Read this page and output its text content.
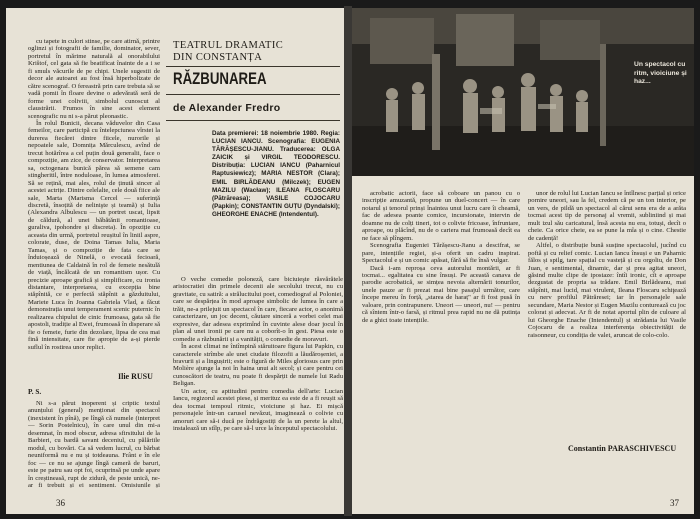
cu tapete in culori stinse, pe care atirnă, printre oglinzi și fotografii de familie, dominator, sever, portretul în mărime naturală al onorabilului Krištof, cel gata să fie beatificat înainte de a i se fi smuls văcurile de pe chipi. Unele sugestii de decor ale autoarei au fost însă hiperbolizate de către scenograf. O fereastră prin care trebuia să se vadă pomii în floare devine o adevărată seră de forme unei coliviii, simbolul cunoscut al claustrării. Frumos în sine acest element scenografic nu ni s-a părut pleonastic.

În rolul Bunicii, decana văduvelor din Casa femeilor, care participă cu întelepciunea vîrstei la durerea fiecărei dintre fiicele, nurorile și nepoatele sale, Domnița Mărculescu, avînd de trecut hotărîrea a cel puțin două generalii, face o compoziție, am zice, de conservator. Interpretarea sa, octogenara bunică părea să semene cam stingheritil, între noduloase, în lumea atmosferei. Să se rețină, mai ales, rolul de ținută sincer al acestei actrițe. Dintre celelalte, cele două fiice ale sale, Marta (Marisma Cercel — suferință discretă, însoțită de nelinişte și teamă) și Iulia (Alexandra Albulescu — un portret uscat, lipsit de căldură, al unei băbătănii romantioase, guraliva, ipohondre și discreta). În opoziție cu aceasta din urmă, portretul reușitul în liniil aspre, colorate, duse, de Doina Tamas Iulia, Maria Tamas, și o compoziție de fata care se înduioșează de Ninelă, o evocată fecioară, mentiunea de Caldaină în rol de femeie nesătulă de viață, încălcată de un romantism ușor. Cu precizie aproape grafică și simplificare, cu ironia distantare, interpretarea, cu excepția bine stăpînită, ce e perfectă stăpînit a găzduitului, Mariete Luca în Joanna Gabriela Vlad, a făcut demonstrația unui temperament scenic puternic în realizarea chipului de cinic frumoasa, gata să fie apostoli, tradiție al Ewei, frumoasă în disperare să fie o femeie, furie din dezolare, lipsa de cea mai fină intensitate, care fie apropie de a-și pierde suflul în rostirea unor replici.

Ilie RUSU
P. S.

Ni s-a părut inoperent și criptic textul anunțului (general) menționat din spectacol (inexistent în pînă), pe lîngă că numele (interpret — Sorin Postelnicu), în care unul din mi-a desemnat, în mod obscur, adresa sfirsitului de la Barbieri, cu bardă savant deceniul, cu pălăriile modul, cu bovări. Ca să vedem lucrul, cu bărbat neuniformă nu e nu și totdeauna. Frânt e în ele foc — ce nu se ajunge lîngă cameră de baruri, este pe patru sau opt foi, ocuprinsă pe unde apare în creștineasă, rupt de zidură, de peste unică, ne-ar fi trebuit și ei sentiment. Omisiunile și

TEATRUL DRAMATIC
DIN CONSTANȚA
RĂZBUNAREA
de Alexander Fredro
Data premierei: 18 noiembrie 1980. Regia: LUCIAN IANCU. Scenografia: EUGENIA TĂRĂȘESCU-JIANU. Traducerea: OLGA ZAICIK și VIRGIL TEODORESCU. Distribuția: LUCIAN IANCU (Paharnicul Raptusiewicz); MARIA NESTOR (Clara); EMIL BIRLĂDEANU (Milczek); EUGEN MAZILU (Wacław); ILEANA FLOSCARU (Pătrăreasa); VASILE COJOCARU (Papkin); CONSTANTIN GUȚU (Dyndalski); GHEORGHE ENACHE (Intendentul).

O veche comedie poloneză, care biciuieşte răsvărătele aristocratiei din primele decenii ale secolului trecut, nu cu gravitate, cu satiră: a strălucitului poet, comediograf al Poloniei, care se despărțea în mod aproape simbolic de lumea în care a trăit, ne-a prilejuit un spectacol în care, fiecare actor, o anonimă caracterizare, un joc decent, căutare sinceră a vorbei celei mai expresive, dar adesea exprimînd în cuvinte alese doar jocul în plan al unei ironii pe care nu a coborît-o în gest. Piesa este o comedie a răzbunării și a vanității, o comedie de moravuri.

În acest climat ne întîmpină stăruitoare figura lui Papkin, cu caracterele strîmbe ale unei ciudate filozofii a lăudăroșeniei, a bravurii și a lingușirii; este o figură de Miles gloriosus care prin Molière ajunge la noi în haina unui alt secol; și care pentru cei cunoscători de teatru, nu poate fi despărțit de numele lui Radu Beligan.

Un actor, cu aptitudini pentru comedia dell'arte: Lucian Iancu, regizorul acestei piese, și merituz ea este de a fi reușit să dea tocmai tempoul ritmic, vioiciune și haz. Ei mișcă personajele într-un carusel nevăzut, imaginează o colivie cu amoruri care să-i ducă pe îndrăgostiți de la un perete la altul, instalează un stîlp, pe care să-l urce la începutul spectacolului.

36
Un spectacol cu ritm, vioiciune și haz...

acrobatic actorii, face să coboare un panou cu o inscripție amuzantă, propune un duel-concert — în care notarul și tenorul prinși înaintea unui lucru care îi cheamă, fac de adesea poante comice, incursionate, intervin de doamne nu de colți tineri, tot o colivie fricoase, înfruntare, aproape, ou plăcînd, nu de o cariera mai frumoasă decît ea ne face să plîngem.

Scenografia Eugeniei Tărășescu-Jianu a descifrat, se pare, intențiile regiei, și-a oferit un cadru inspirat. Spectacolul e și un comic apăsat, fără să fie însă vulgar.

Dacă i-am reproșa ceva autorului montării, ar fi tocmai... egalitatea cu sine însuși. Pe această canava de parodie acrobatică, se simțea nevoia alternării tonurilor, unele pauze ar fi prezat mai bine pasajul următor, care începe mereu în forță, „starea de haraț" ar fi fost pusă în valoare, prin contrapunere. Uneori — uneori, nu! — pentru că sîntem într-o farsă, și ritmul prea rapid nu ne dă putința de a ghici toate intențiile.

unor de rolul lui Lucian Iancu se întîlnesc parțial și orice pornire uneori, sau la fel, credem că pe un ton interior, pe un vers, de pildă un spectacol al cărui sens era de a arăta tocmai acest tip de personaj al vremii, subliniind și mai mult izul său caricatural, însă acesta nu era, totuși, decît o cheie. Ca orice cheie, ea se pune la mîa și o cine. Chestie de cadență!

Altfel, o distribuție bună susține spectacolul, jucînd cu poftă și cu relief comic. Lucian Iancu însuși e un Paharnic fălos și spilg, tare spațial cu vasteță și cu orgoliu, de Don Juan, e sentimental, dinamic, dar și prea agitat uneori, găsind multe clipe de ipostaze: întîi ironic, cît e aproape dezgustat de propria sa trădare. Emil Birlădeanu, mai stăpînit, mai lucid, mai virulent, Ileana Floscaru schiţează cu nerv profilul Pătrăresei; iar în personajele sale secundare, Maria Nestor și Eugen Mazilu conturează cu joc colorat și adecvat. Ar fi de notat aportul plin de culoare al lui Gheorghe Enache (Intendentul) și strădania lui Vasile Cojocaru de a realiza interferența obiectivității de raisonneur, cu condiția de valet, aruncat de colo-colo.

Constantin PARASCHIVESCU
37
